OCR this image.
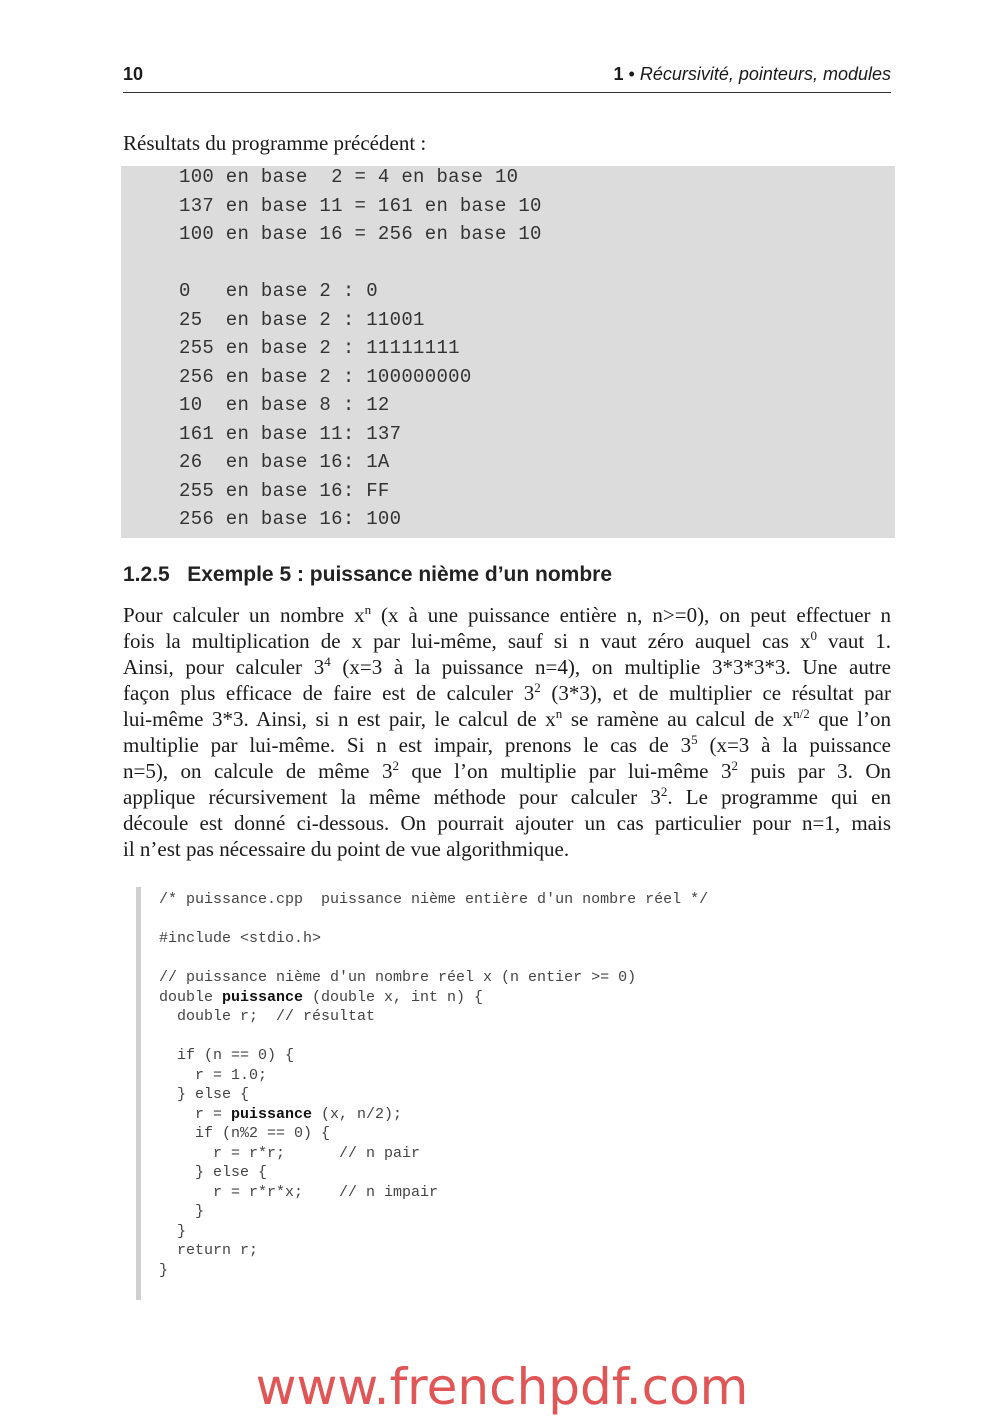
10	1 • Récursivité, pointeurs, modules
Résultats du programme précédent :
100 en base  2 = 4 en base 10
137 en base 11 = 161 en base 10
100 en base 16 = 256 en base 10
0   en base 2 : 0
25  en base 2 : 11001
255 en base 2 : 11111111
256 en base 2 : 100000000
10  en base 8 : 12
161 en base 11: 137
26  en base 16: 1A
255 en base 16: FF
256 en base 16: 100
1.2.5 Exemple 5 : puissance nième d’un nombre
Pour calculer un nombre $x^n$ (x à une puissance entière n, n>=0), on peut effectuer n
fois la multiplication de x par lui-même, sauf si n vaut zéro auquel cas $x^0$ vaut 1.
Ainsi, pour calculer $3^4$ (x=3 à la puissance n=4), on multiplie 3*3*3*3. Une autre
façon plus efficace de faire est de calculer $3^2$ (3*3), et de multiplier ce résultat par
lui-même 3*3. Ainsi, si n est pair, le calcul de $x^n$ se ramène au calcul de $x^{n/2}$ que l’on
multiplie par lui-même. Si n est impair, prenons le cas de $3^5$ (x=3 à la puissance
n=5), on calcule de même $3^2$ que l’on multiplie par lui-même $3^2$ puis par 3. On
applique récursivement la même méthode pour calculer $3^2$. Le programme qui en
découle est donné ci-dessous. On pourrait ajouter un cas particulier pour n=1, mais
il n’est pas nécessaire du point de vue algorithmique.
/* puissance.cpp  puissance nième entière d'un nombre réel */
#include <stdio.h>
// puissance nième d'un nombre réel x (n entier >= 0)
double puissance (double x, int n) {
double r;  // résultat
if (n == 0) {
r = 1.0;
} else {
r = puissance (x, n/2);
if (n%2 == 0) {
r = r*r;      // n pair
} else {
r = r*r*x;    // n impair
}
}
return r;
}
www.frenchpdf.com
